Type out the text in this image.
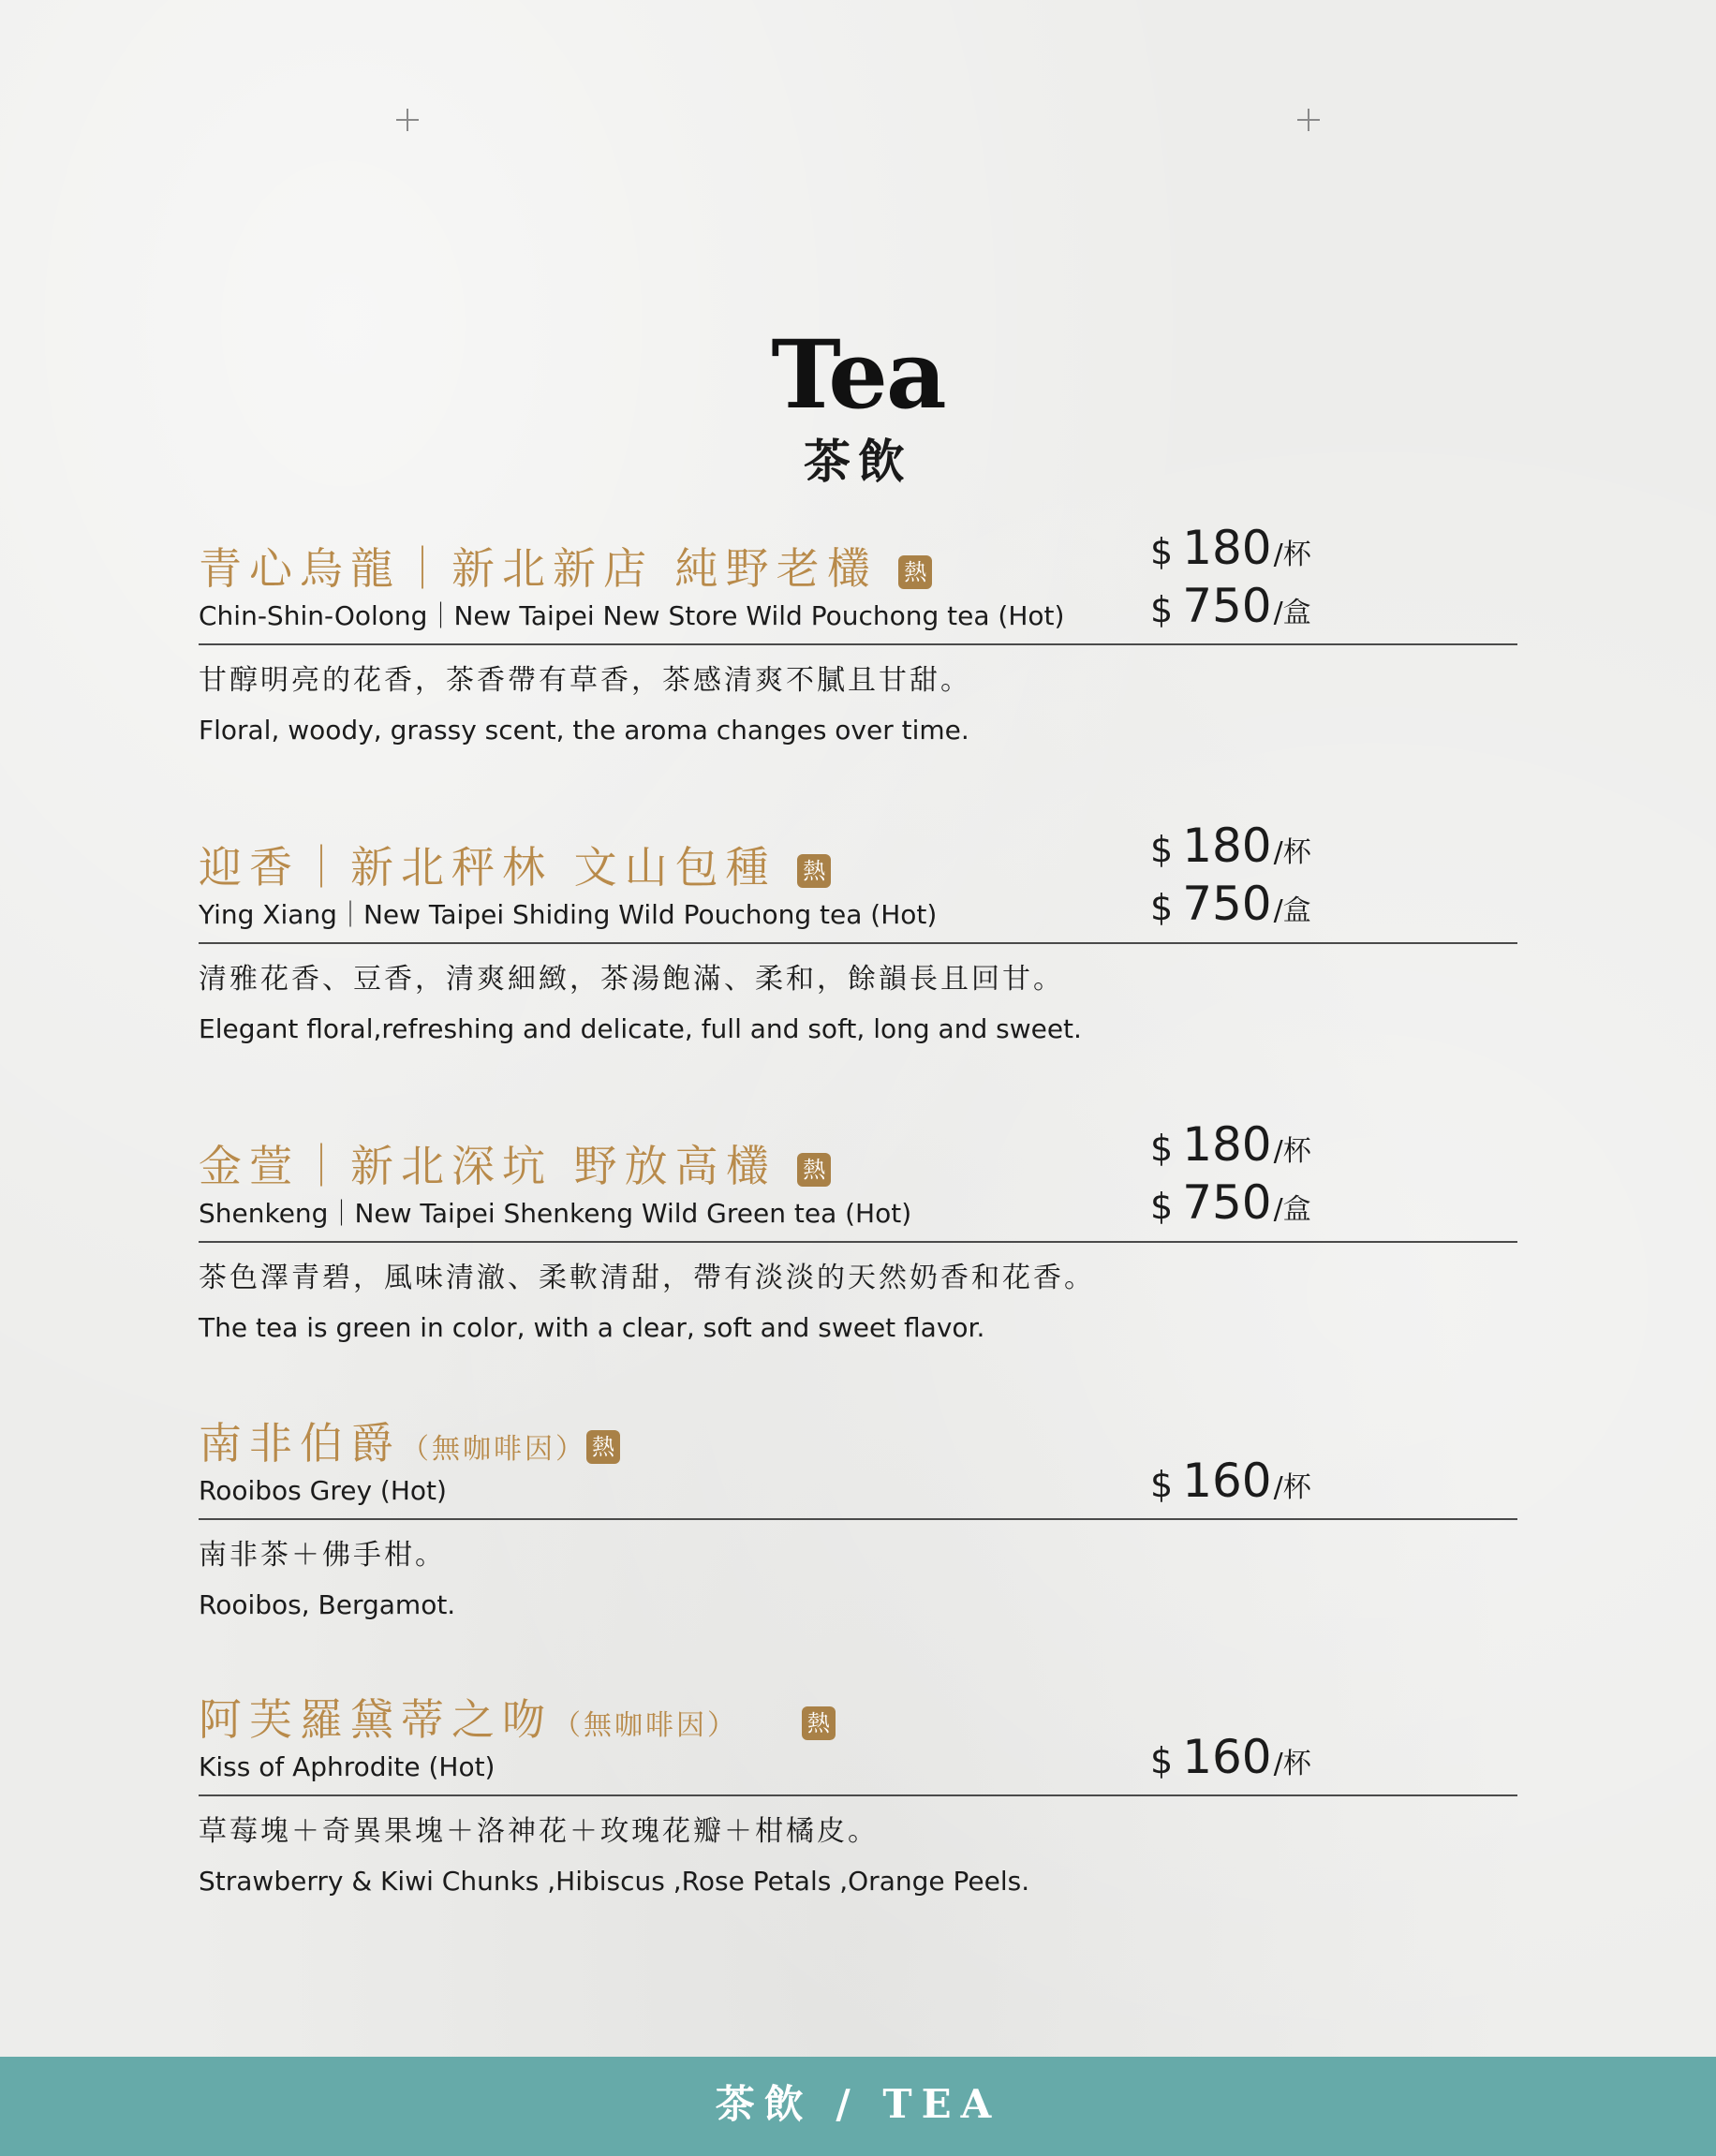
Tea
茶飲
青心烏龍｜新北新店 純野老欉 熱
Chin-Shin-Oolong｜New Taipei New Store Wild Pouchong tea (Hot)
甘醇明亮的花香，茶香帶有草香，茶感清爽不膩且甘甜。
Floral, woody, grassy scent, the aroma changes over time.
$ 180/杯
$ 750/盒
迎香｜新北秤林 文山包種 熱
Ying Xiang｜New Taipei Shiding Wild Pouchong tea (Hot)
清雅花香、豆香，清爽細緻，茶湯飽滿、柔和，餘韻長且回甘。
Elegant floral,refreshing and delicate, full and soft, long and sweet.
$ 180/杯
$ 750/盒
金萱｜新北深坑 野放高欉 熱
Shenkeng｜New Taipei Shenkeng Wild Green tea (Hot)
茶色澤青碧，風味清澈、柔軟清甜，帶有淡淡的天然奶香和花香。
The tea is green in color, with a clear, soft and sweet flavor.
$ 180/杯
$ 750/盒
南非伯爵（無咖啡因） 熱
Rooibos Grey (Hot)
南非茶＋佛手柑。
Rooibos, Bergamot.
$ 160/杯
阿芙羅黛蒂之吻（無咖啡因）	熱
Kiss of Aphrodite (Hot)
草莓塊＋奇異果塊＋洛神花＋玫瑰花瓣＋柑橘皮。
Strawberry & Kiwi Chunks ,Hibiscus ,Rose Petals ,Orange Peels.
$ 160/杯
茶飲 / TEA
